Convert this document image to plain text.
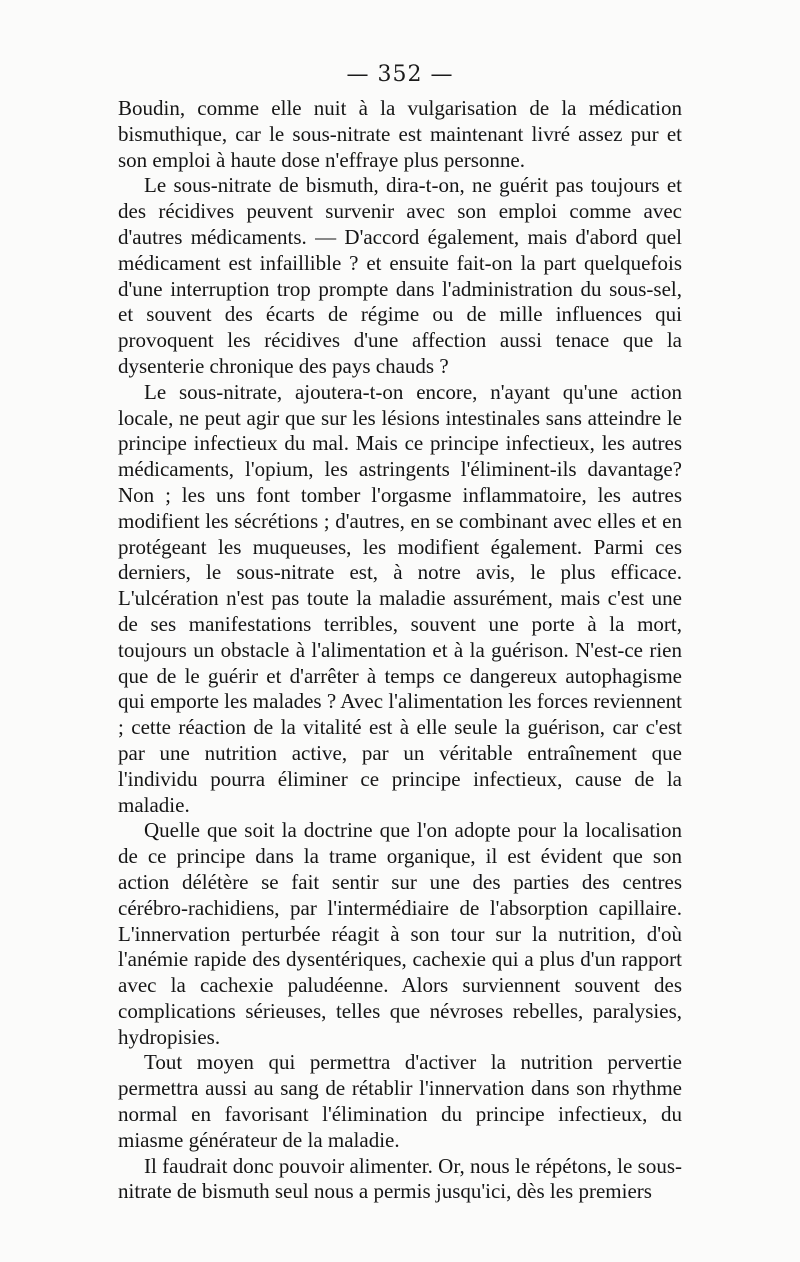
— 352 —

Boudin, comme elle nuit à la vulgarisation de la médication bismuthique, car le sous-nitrate est maintenant livré assez pur et son emploi à haute dose n'effraye plus personne.

Le sous-nitrate de bismuth, dira-t-on, ne guérit pas toujours et des récidives peuvent survenir avec son emploi comme avec d'autres médicaments. — D'accord également, mais d'abord quel médicament est infaillible ? et ensuite fait-on la part quelquefois d'une interruption trop prompte dans l'administration du sous-sel, et souvent des écarts de régime ou de mille influences qui provoquent les récidives d'une affection aussi tenace que la dysenterie chronique des pays chauds ?

Le sous-nitrate, ajoutera-t-on encore, n'ayant qu'une action locale, ne peut agir que sur les lésions intestinales sans atteindre le principe infectieux du mal. Mais ce principe infectieux, les autres médicaments, l'opium, les astringents l'éliminent-ils davantage? Non ; les uns font tomber l'orgasme inflammatoire, les autres modifient les sécrétions ; d'autres, en se combinant avec elles et en protégeant les muqueuses, les modifient également. Parmi ces derniers, le sous-nitrate est, à notre avis, le plus efficace. L'ulcération n'est pas toute la maladie assurément, mais c'est une de ses manifestations terribles, souvent une porte à la mort, toujours un obstacle à l'alimentation et à la guérison. N'est-ce rien que de le guérir et d'arrêter à temps ce dangereux autophagisme qui emporte les malades ? Avec l'alimentation les forces reviennent ; cette réaction de la vitalité est à elle seule la guérison, car c'est par une nutrition active, par un véritable entraînement que l'individu pourra éliminer ce principe infectieux, cause de la maladie.

Quelle que soit la doctrine que l'on adopte pour la localisation de ce principe dans la trame organique, il est évident que son action délétère se fait sentir sur une des parties des centres cérébro-rachidiens, par l'intermédiaire de l'absorption capillaire. L'innervation perturbée réagit à son tour sur la nutrition, d'où l'anémie rapide des dysentériques, cachexie qui a plus d'un rapport avec la cachexie paludéenne. Alors surviennent souvent des complications sérieuses, telles que névroses rebelles, paralysies, hydropisies.

Tout moyen qui permettra d'activer la nutrition pervertie permettra aussi au sang de rétablir l'innervation dans son rhythme normal en favorisant l'élimination du principe infectieux, du miasme générateur de la maladie.

Il faudrait donc pouvoir alimenter. Or, nous le répétons, le sous-nitrate de bismuth seul nous a permis jusqu'ici, dès les premiers
